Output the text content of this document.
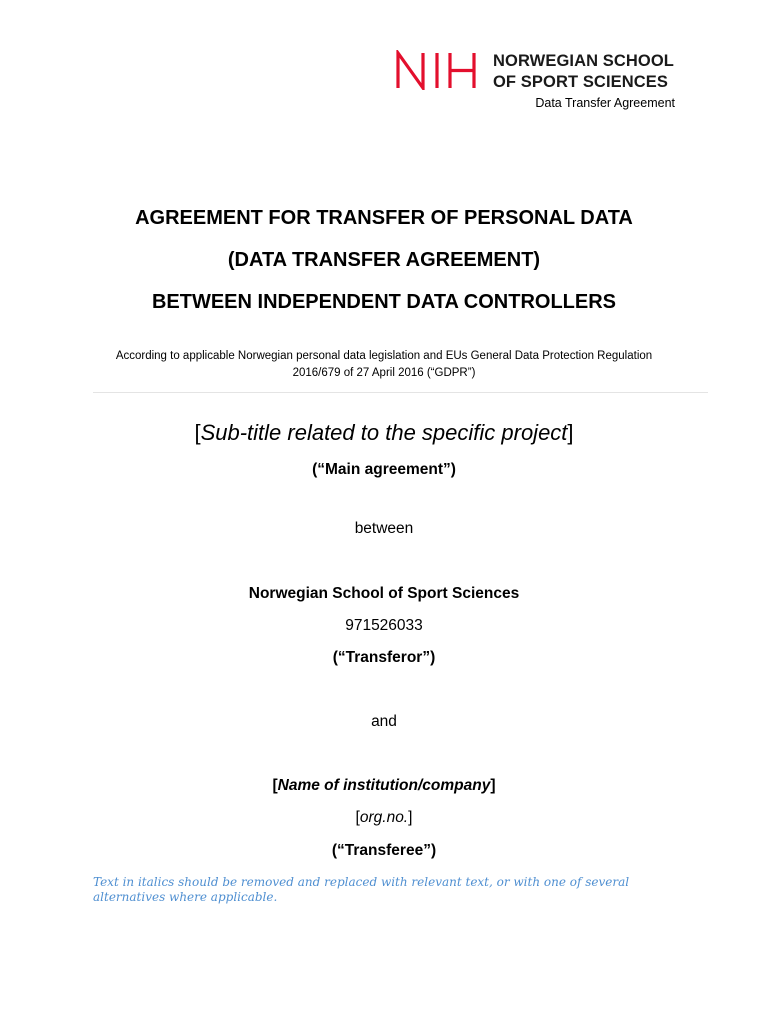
NORWEGIAN SCHOOL
OF SPORT SCIENCES
Data Transfer Agreement

AGREEMENT FOR TRANSFER OF PERSONAL DATA

(DATA TRANSFER AGREEMENT)

BETWEEN INDEPENDENT DATA CONTROLLERS

According to applicable Norwegian personal data legislation and EUs General Data Protection Regulation
2016/679 of 27 April 2016 (“GDPR”)
[Sub-title related to the specific project]
(“Main agreement”)
between
Norwegian School of Sport Sciences
971526033
(“Transferor”)
and
[Name of institution/company]
[org.no.]
(“Transferee”)
Text in italics should be removed and replaced with relevant text, or with one of several alternatives where applicable.
